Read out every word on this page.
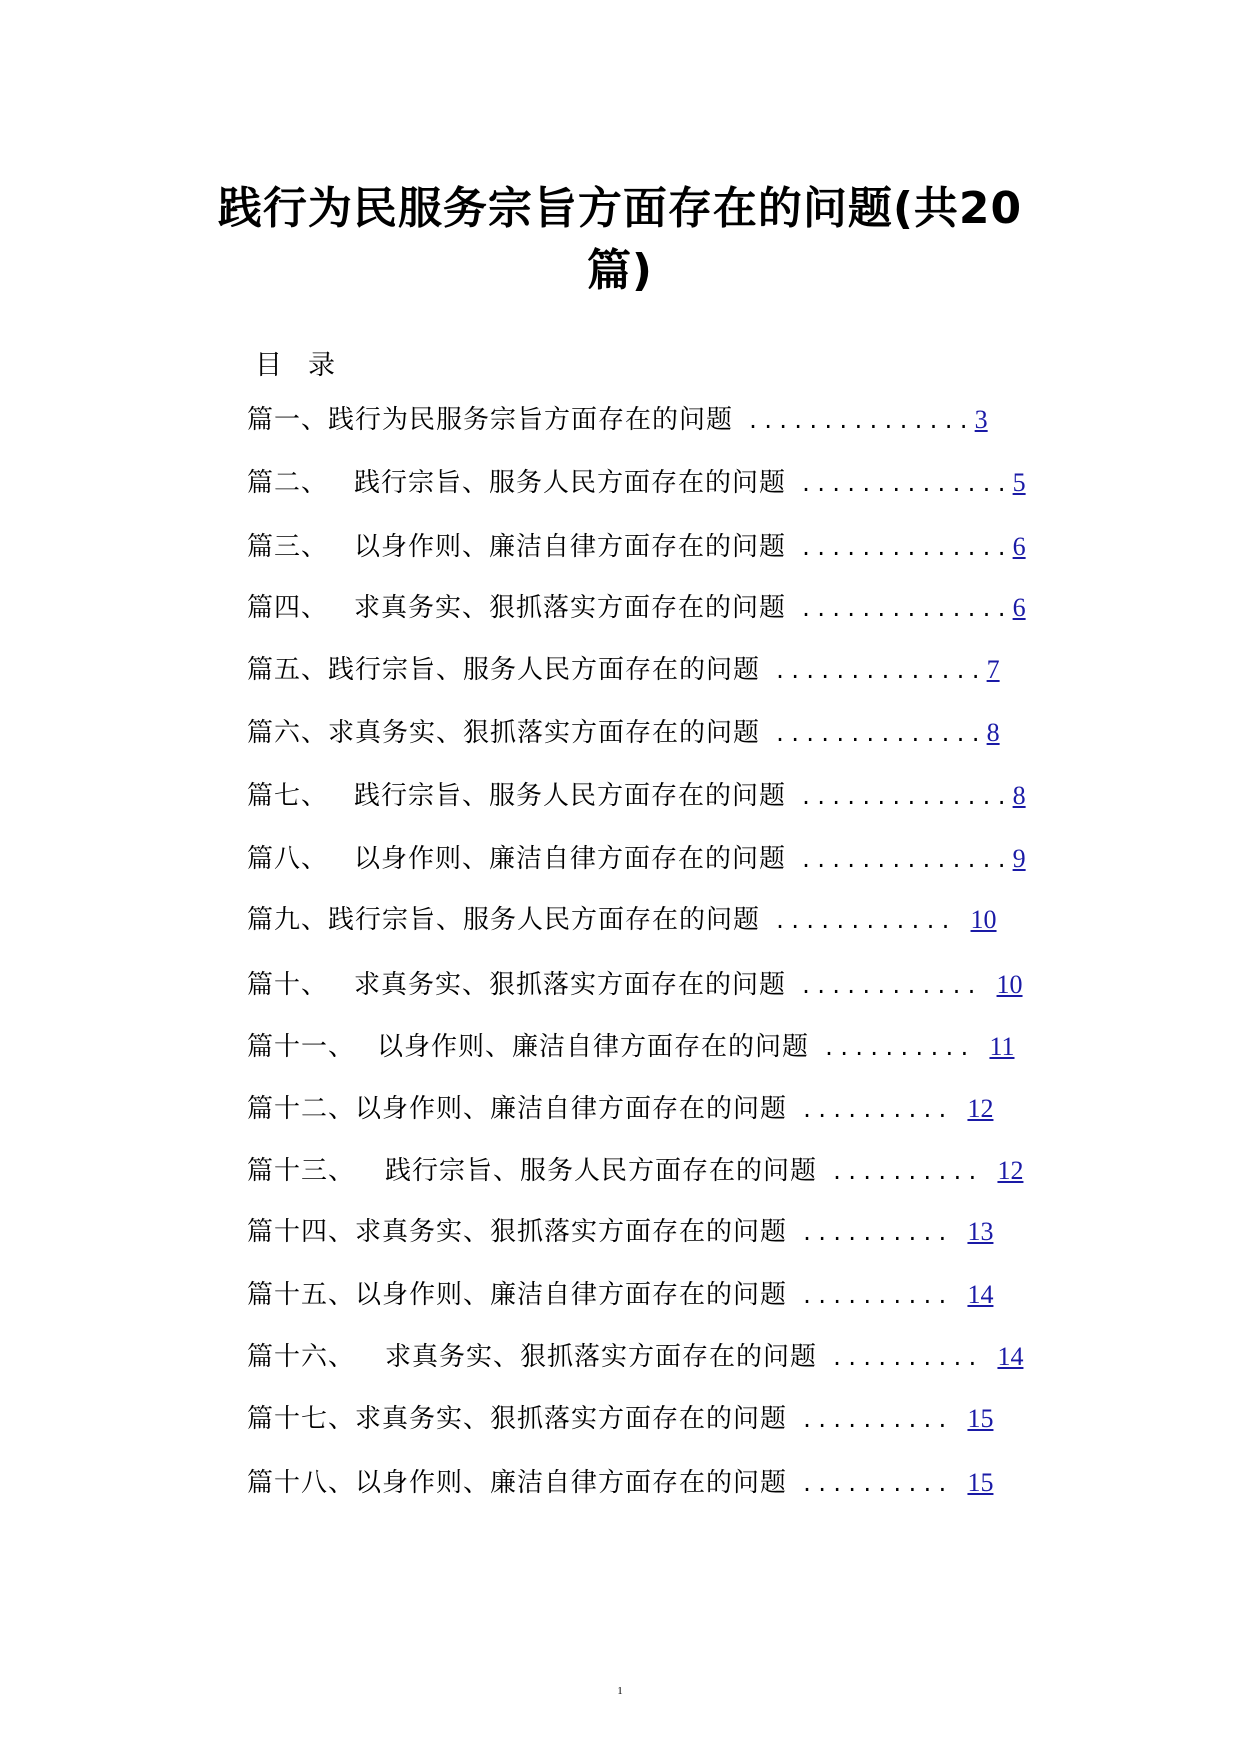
践行为民服务宗旨方面存在的问题(共20
篇)
目录
篇一、 践行为民服务宗旨方面存在的问题 ............... 3
篇二、 践行宗旨、服务人民方面存在的问题 .............. 5
篇三、 以身作则、廉洁自律方面存在的问题 .............. 6
篇四、 求真务实、狠抓落实方面存在的问题 .............. 6
篇五、 践行宗旨、服务人民方面存在的问题 .............. 7
篇六、 求真务实、狠抓落实方面存在的问题 .............. 8
篇七、 践行宗旨、服务人民方面存在的问题 .............. 8
篇八、 以身作则、廉洁自律方面存在的问题 .............. 9
篇九、 践行宗旨、服务人民方面存在的问题 ............ 10
篇十、 求真务实、狠抓落实方面存在的问题 ............ 10
篇十一、 以身作则、廉洁自律方面存在的问题 .......... 11
篇十二、 以身作则、廉洁自律方面存在的问题 .......... 12
篇十三、 践行宗旨、服务人民方面存在的问题 .......... 12
篇十四、 求真务实、狠抓落实方面存在的问题 .......... 13
篇十五、 以身作则、廉洁自律方面存在的问题 .......... 14
篇十六、 求真务实、狠抓落实方面存在的问题 .......... 14
篇十七、 求真务实、狠抓落实方面存在的问题 .......... 15
篇十八、 以身作则、廉洁自律方面存在的问题 .......... 15
1
